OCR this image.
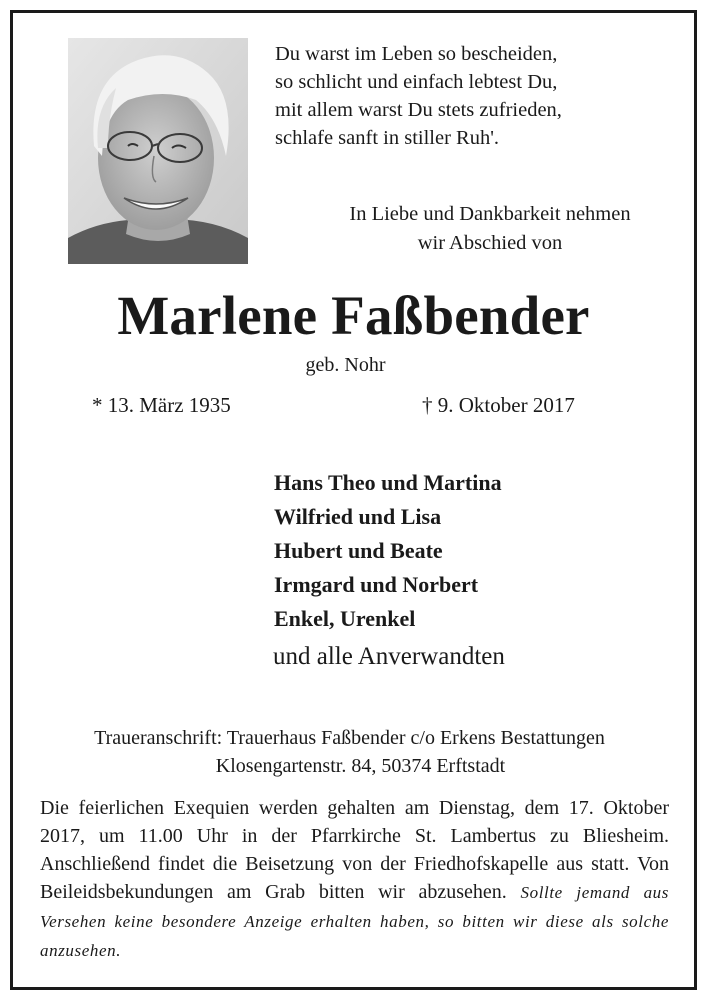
Du warst im Leben so bescheiden,
so schlicht und einfach lebtest Du,
mit allem warst Du stets zufrieden,
schlafe sanft in stiller Ruh'.
In Liebe und Dankbarkeit nehmen
wir Abschied von
Marlene Faßbender
geb. Nohr
* 13. März 1935	† 9. Oktober 2017
Hans Theo und Martina
Wilfried und Lisa
Hubert und Beate
Irmgard und Norbert
Enkel, Urenkel
und alle Anverwandten
Traueranschrift: Trauerhaus Faßbender c/o Erkens Bestattungen
Klosengartenstr. 84, 50374 Erftstadt
Die feierlichen Exequien werden gehalten am Dienstag, dem 17. Oktober 2017, um 11.00 Uhr in der Pfarrkirche St. Lambertus zu Bliesheim. Anschließend findet die Beisetzung von der Friedhofskapelle aus statt. Von Beileidsbekundungen am Grab bitten wir abzusehen. Sollte jemand aus Versehen keine besondere Anzeige erhalten haben, so bitten wir diese als solche anzusehen.
